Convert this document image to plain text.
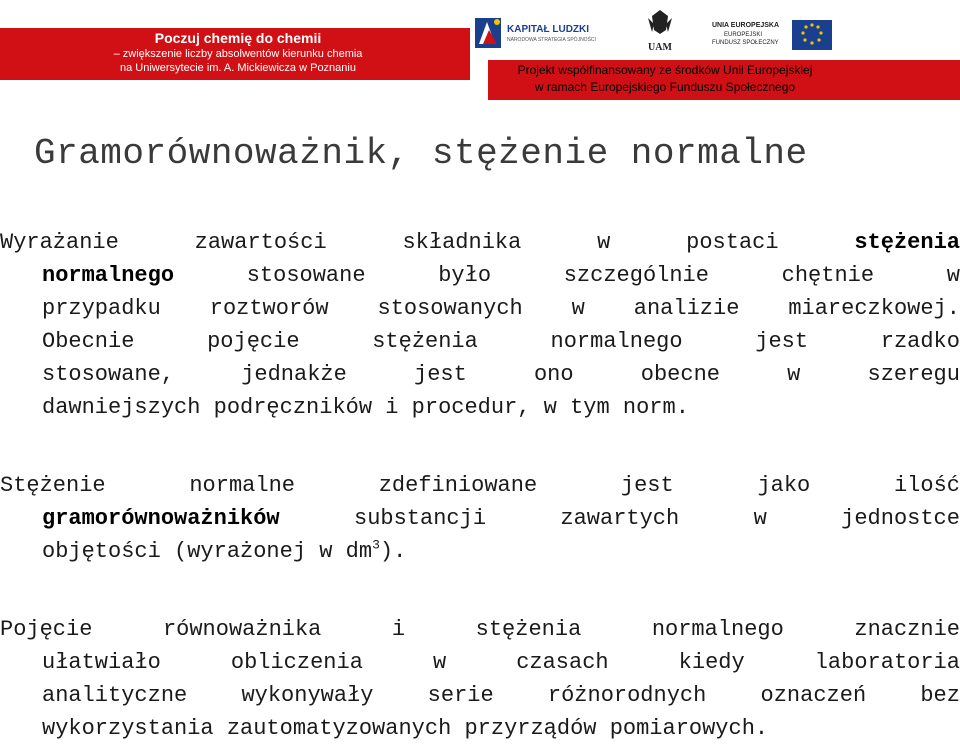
Poczuj chemię do chemii
– zwiększenie liczby absolwentów kierunku chemia
na Uniwersytecie im. A. Mickiewicza w Poznaniu
KAPITAŁ LUDZKI
NARODOWA STRATEGIA SPÓJNOŚCI
UAM
UNIA EUROPEJSKA
EUROPEJSKI
FUNDUSZ SPOŁECZNY
Projekt współfinansowany ze środków Unii Europejskiej
w ramach Europejskiego Funduszu Społecznego
Gramorównoważnik, stężenie normalne
Wyrażanie	zawartości	składnika	w	postaci	stężenia
normalnego	stosowane	było	szczególnie	chętnie	w
przypadku roztworów stosowanych w analizie miareczkowej.
Obecnie	pojęcie	stężenia	normalnego	jest	rzadko
stosowane,	jednakże	jest	ono	obecne	w	szeregu
dawniejszych podręczników i procedur, w tym norm.
Stężenie	normalne	zdefiniowane	jest	jako	ilość
gramorównoważników	substancji	zawartych	w	jednostce
objętości (wyrażonej w $dm^3$).
Pojęcie	równoważnika	i	stężenia	normalnego	znacznie
ułatwiało	obliczenia	w	czasach	kiedy	laboratoria
analityczne wykonywały serie różnorodnych oznaczeń bez
wykorzystania zautomatyzowanych przyrządów pomiarowych.
